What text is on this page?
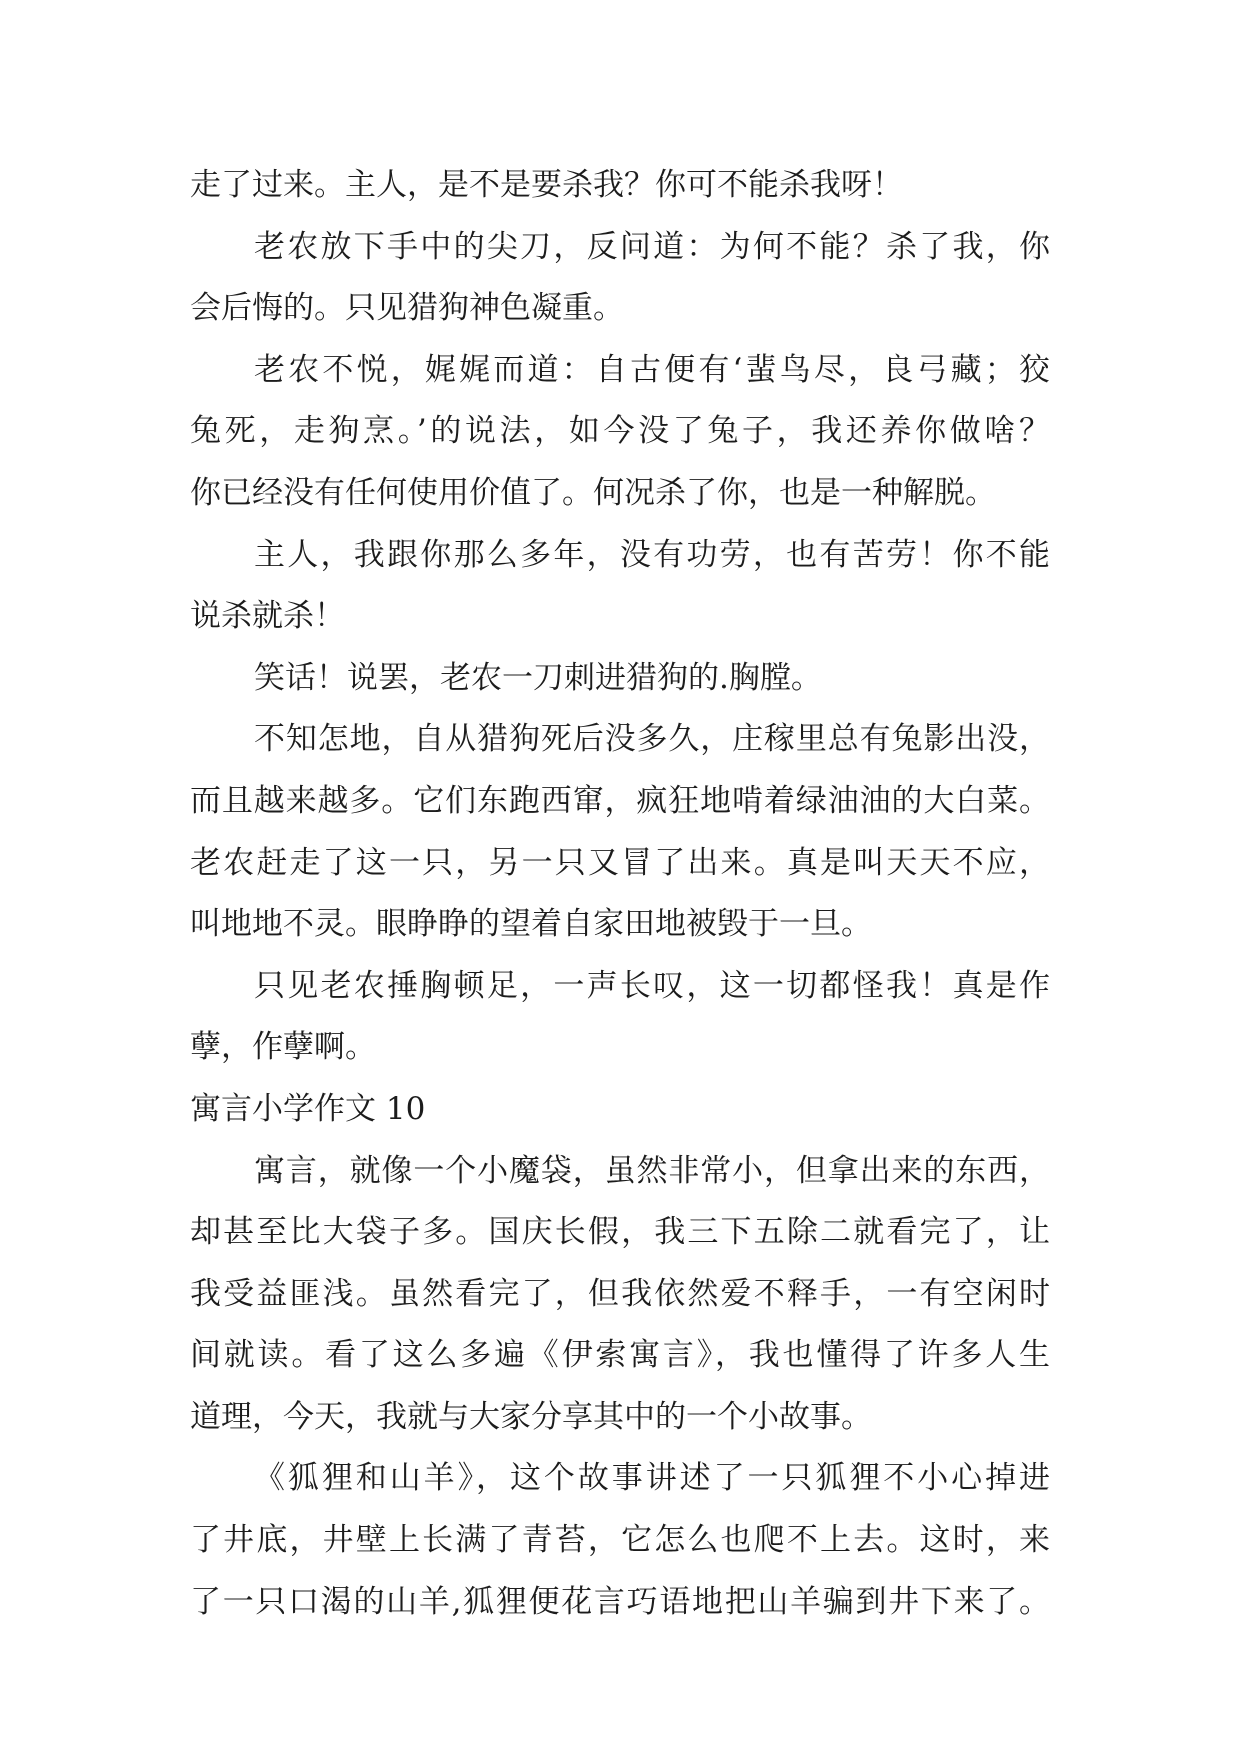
走了过来。主人，是不是要杀我？你可不能杀我呀！
老农放下手中的尖刀，反问道：为何不能？杀了我，你
会后悔的。只见猎狗神色凝重。
老农不悦，娓娓而道：自古便有‘蜚鸟尽，良弓藏；狡
兔死，走狗烹。’的说法，如今没了兔子，我还养你做啥？
你已经没有任何使用价值了。何况杀了你，也是一种解脱。
主人，我跟你那么多年，没有功劳，也有苦劳！你不能
说杀就杀！
笑话！说罢，老农一刀刺进猎狗的.胸膛。
不知怎地，自从猎狗死后没多久，庄稼里总有兔影出没，
而且越来越多。它们东跑西窜，疯狂地啃着绿油油的大白菜。
老农赶走了这一只，另一只又冒了出来。真是叫天天不应，
叫地地不灵。眼睁睁的望着自家田地被毁于一旦。
只见老农捶胸顿足，一声长叹，这一切都怪我！真是作
孽，作孽啊。
寓言小学作文 10
寓言，就像一个小魔袋，虽然非常小，但拿出来的东西，
却甚至比大袋子多。国庆长假，我三下五除二就看完了，让
我受益匪浅。虽然看完了，但我依然爱不释手，一有空闲时
间就读。看了这么多遍《伊索寓言》，我也懂得了许多人生
道理，今天，我就与大家分享其中的一个小故事。
《狐狸和山羊》，这个故事讲述了一只狐狸不小心掉进
了井底，井壁上长满了青苔，它怎么也爬不上去。这时，来
了一只口渴的山羊,狐狸便花言巧语地把山羊骗到井下来了。
